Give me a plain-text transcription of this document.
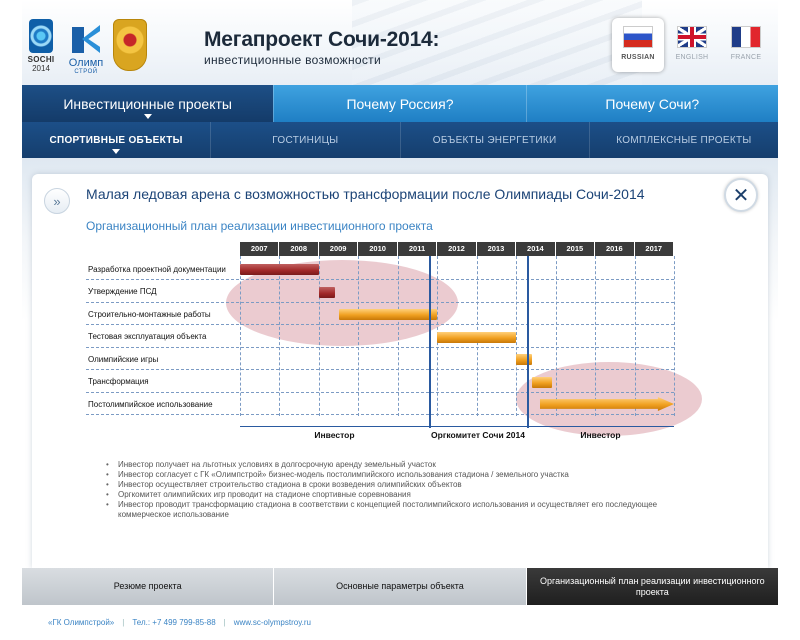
SOCHI
2014 Олимп
СТРОЙ
Мегапроект Сочи-2014:
инвестиционные возможности	RUSSIAN	ENGLISH	FRANCE
Инвестиционные проекты	Почему Россия?	Почему Сочи?
СПОРТИВНЫЕ ОБЪЕКТЫ	ГОСТИНИЦЫ	ОБЪЕКТЫ ЭНЕРГЕТИКИ	КОМПЛЕКСНЫЕ ПРОЕКТЫ
» Малая ледовая арена с возможностью трансформации после Олимпиады Сочи-2014	✕
Организационный план реализации инвестиционного проекта
2007	2008	2009	2010	2011	2012	2013	2014	2015	2016	2017
Разработка проектной документации
Утверждение ПСД
Строительно-монтажные работы
Тестовая эксплуатация объекта
Олимпийские игры
Трансформация
Постолимпийское использование
Инвестор	Оргкомитет Сочи 2014	Инвестор
• Инвестор получает на льготных условиях в долгосрочную аренду земельный участок
• Инвестор согласует с ГК «Олимпстрой» бизнес-модель постолимпийского использования стадиона / земельного участка
• Инвестор осуществляет строительство стадиона в сроки возведения олимпийских объектов
• Оргкомитет олимпийских игр проводит на стадионе спортивные соревнования
• Инвестор проводит трансформацию стадиона в соответствии с концепцией постолимпийского использования и осуществляет его последующее коммерческое использование
Резюме проекта	Основные параметры объекта
Организационный план реализации инвестиционного проекта
«ГК Олимпстрой» | Тел.: +7 499 799-85-88 | www.sc-olympstroy.ru
